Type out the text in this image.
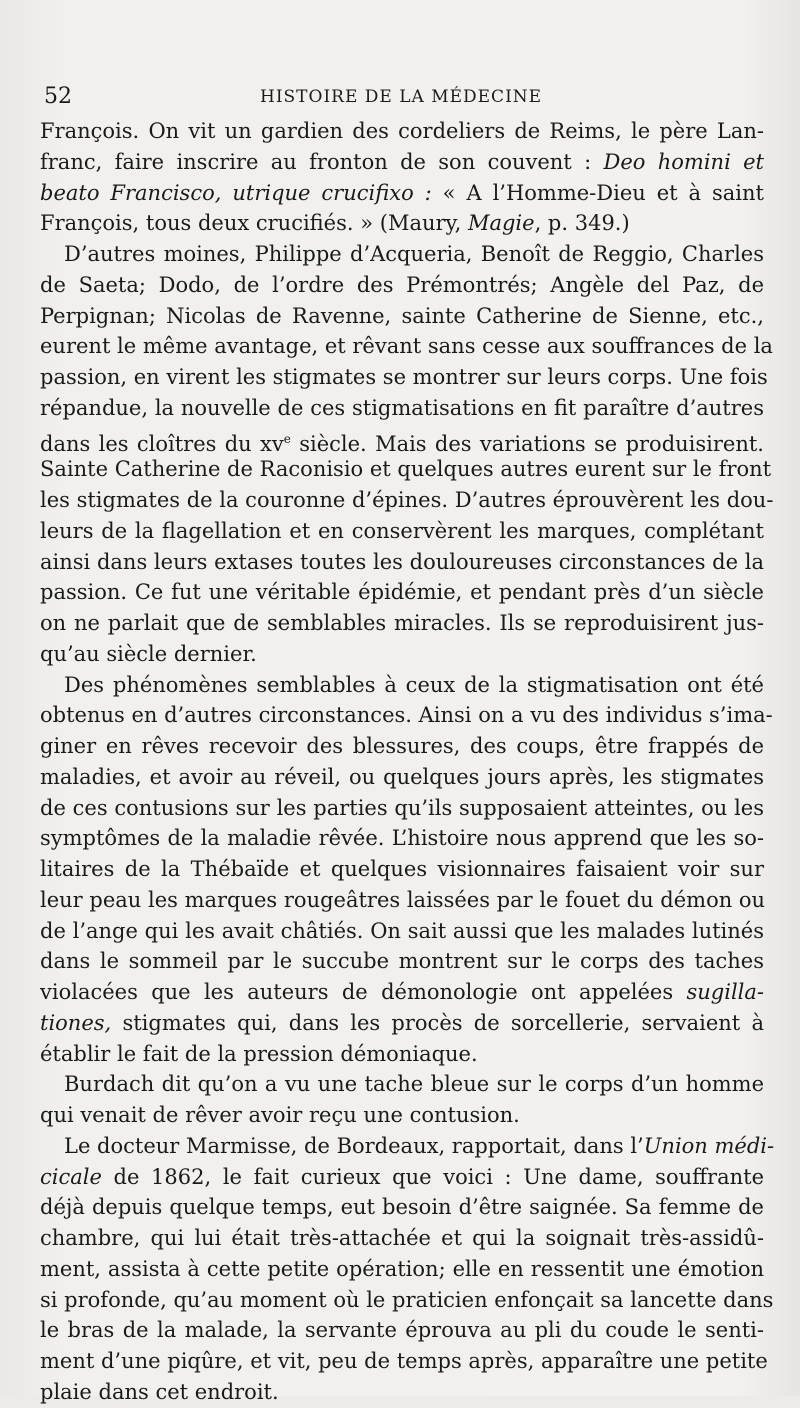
52	HISTOIRE DE LA MÉDECINE
François. On vit un gardien des cordeliers de Reims, le père Lan-
franc, faire inscrire au fronton de son couvent : Deo homini et
beato Francisco, utrique crucifixo : « A l’Homme-Dieu et à saint
François, tous deux crucifiés. » (Maury, Magie, p. 349.)
D’autres moines, Philippe d’Acqueria, Benoît de Reggio, Charles
de Saeta; Dodo, de l’ordre des Prémontrés; Angèle del Paz, de
Perpignan; Nicolas de Ravenne, sainte Catherine de Sienne, etc.,
eurent le même avantage, et rêvant sans cesse aux souffrances de la
passion, en virent les stigmates se montrer sur leurs corps. Une fois
répandue, la nouvelle de ces stigmatisations en fit paraître d’autres
dans les cloîtres du $xv^e$ siècle. Mais des variations se produisirent.
Sainte Catherine de Raconisio et quelques autres eurent sur le front
les stigmates de la couronne d’épines. D’autres éprouvèrent les dou-
leurs de la flagellation et en conservèrent les marques, complétant
ainsi dans leurs extases toutes les douloureuses circonstances de la
passion. Ce fut une véritable épidémie, et pendant près d’un siècle
on ne parlait que de semblables miracles. Ils se reproduisirent jus-
qu’au siècle dernier.
Des phénomènes semblables à ceux de la stigmatisation ont été
obtenus en d’autres circonstances. Ainsi on a vu des individus s’ima-
giner en rêves recevoir des blessures, des coups, être frappés de
maladies, et avoir au réveil, ou quelques jours après, les stigmates
de ces contusions sur les parties qu’ils supposaient atteintes, ou les
symptômes de la maladie rêvée. L’histoire nous apprend que les so-
litaires de la Thébaïde et quelques visionnaires faisaient voir sur
leur peau les marques rougeâtres laissées par le fouet du démon ou
de l’ange qui les avait châtiés. On sait aussi que les malades lutinés
dans le sommeil par le succube montrent sur le corps des taches
violacées que les auteurs de démonologie ont appelées sugilla-
tiones, stigmates qui, dans les procès de sorcellerie, servaient à
établir le fait de la pression démoniaque.
Burdach dit qu’on a vu une tache bleue sur le corps d’un homme
qui venait de rêver avoir reçu une contusion.
Le docteur Marmisse, de Bordeaux, rapportait, dans l’Union médi-
cicale de 1862, le fait curieux que voici : Une dame, souffrante
déjà depuis quelque temps, eut besoin d’être saignée. Sa femme de
chambre, qui lui était très-attachée et qui la soignait très-assidû-
ment, assista à cette petite opération; elle en ressentit une émotion
si profonde, qu’au moment où le praticien enfonçait sa lancette dans
le bras de la malade, la servante éprouva au pli du coude le senti-
ment d’une piqûre, et vit, peu de temps après, apparaître une petite
plaie dans cet endroit.
